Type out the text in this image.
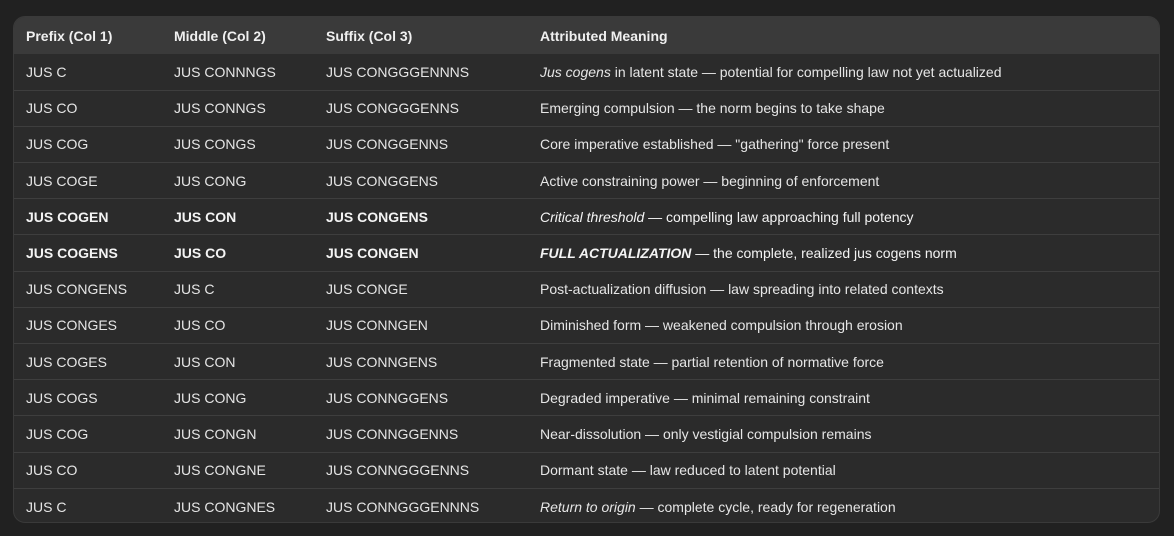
Prefix (Col 1)	Middle (Col 2)	Suffix (Col 3)	Attributed Meaning
JUS C	JUS CONNNGS	JUS CONGGGENNNS	Jus cogens in latent state — potential for compelling law not yet actualized
JUS CO	JUS CONNGS	JUS CONGGGENNS	Emerging compulsion — the norm begins to take shape
JUS COG	JUS CONGS	JUS CONGGENNS	Core imperative established — "gathering" force present
JUS COGE	JUS CONG	JUS CONGGENS	Active constraining power — beginning of enforcement
JUS COGEN	JUS CON	JUS CONGENS	Critical threshold — compelling law approaching full potency
JUS COGENS	JUS CO	JUS CONGEN	FULL ACTUALIZATION — the complete, realized jus cogens norm
JUS CONGENS	JUS C	JUS CONGE	Post-actualization diffusion — law spreading into related contexts
JUS CONGES	JUS CO	JUS CONNGEN	Diminished form — weakened compulsion through erosion
JUS COGES	JUS CON	JUS CONNGENS	Fragmented state — partial retention of normative force
JUS COGS	JUS CONG	JUS CONNGGENS	Degraded imperative — minimal remaining constraint
JUS COG	JUS CONGN	JUS CONNGGENNS	Near-dissolution — only vestigial compulsion remains
JUS CO	JUS CONGNE	JUS CONNGGGENNS	Dormant state — law reduced to latent potential
JUS C	JUS CONGNES	JUS CONNGGGENNNS	Return to origin — complete cycle, ready for regeneration
